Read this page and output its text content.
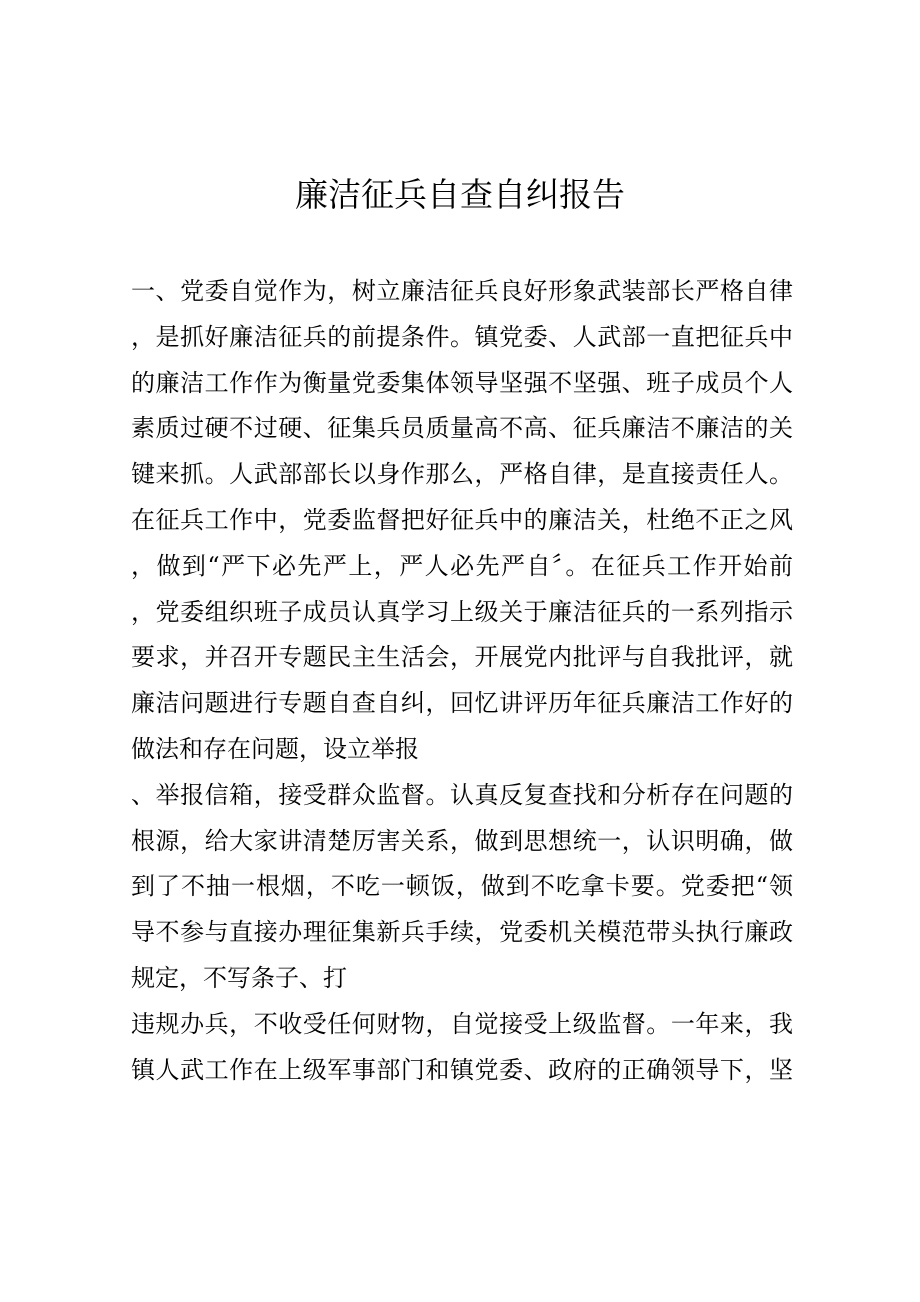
廉洁征兵自查自纠报告
一、党委自觉作为，树立廉洁征兵良好形象武装部长严格自律
，是抓好廉洁征兵的前提条件。镇党委、人武部一直把征兵中
的廉洁工作作为衡量党委集体领导坚强不坚强、班子成员个人
素质过硬不过硬、征集兵员质量高不高、征兵廉洁不廉洁的关
键来抓。人武部部长以身作那么，严格自律，是直接责任人。
在征兵工作中，党委监督把好征兵中的廉洁关，杜绝不正之风
，做到“严下必先严上，严人必先严自〞。在征兵工作开始前
，党委组织班子成员认真学习上级关于廉洁征兵的一系列指示
要求，并召开专题民主生活会，开展党内批评与自我批评，就
廉洁问题进行专题自查自纠，回忆讲评历年征兵廉洁工作好的
做法和存在问题，设立举报
、举报信箱，接受群众监督。认真反复查找和分析存在问题的
根源，给大家讲清楚厉害关系，做到思想统一，认识明确，做
到了不抽一根烟，不吃一顿饭，做到不吃拿卡要。党委把“领
导不参与直接办理征集新兵手续，党委机关模范带头执行廉政
规定，不写条子、打
违规办兵，不收受任何财物，自觉接受上级监督。一年来，我
镇人武工作在上级军事部门和镇党委、政府的正确领导下，坚
